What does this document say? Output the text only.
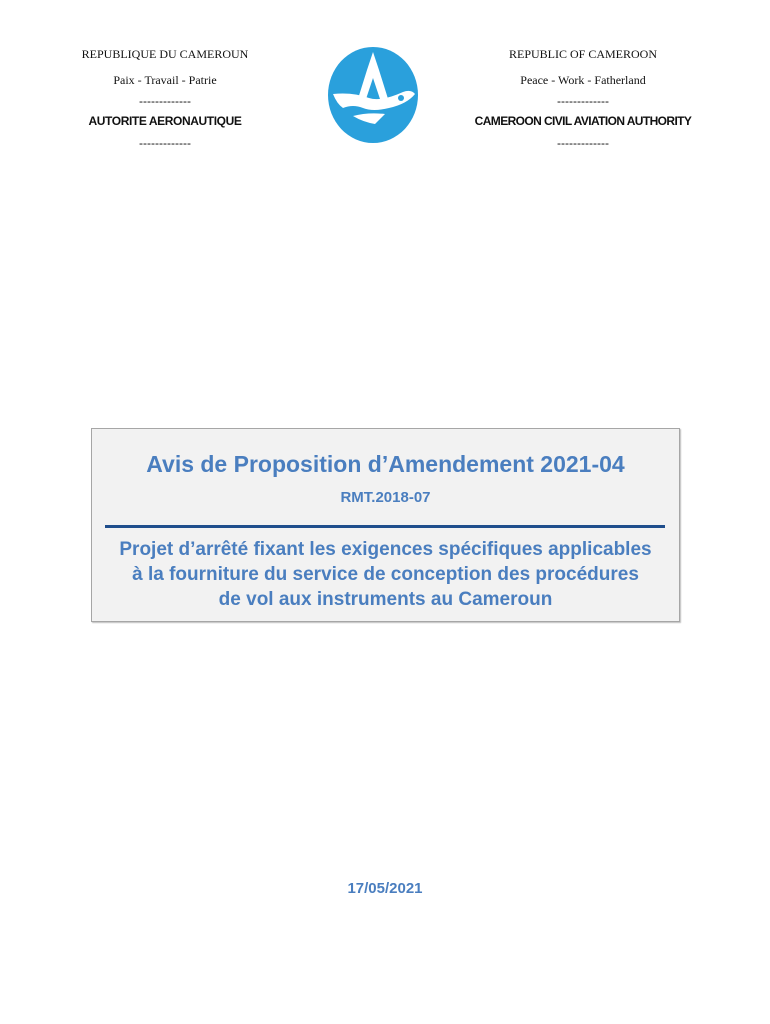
REPUBLIQUE DU CAMEROUN
Paix - Travail - Patrie
-------------
AUTORITE AERONAUTIQUE
-------------
REPUBLIC OF CAMEROON
Peace - Work - Fatherland
-------------
CAMEROON CIVIL AVIATION AUTHORITY
-------------
Avis de Proposition d’Amendement 2021-04
RMT.2018-07
Projet d’arrêté fixant les exigences spécifiques applicables
à la fourniture du service de conception des procédures
de vol aux instruments au Cameroun
17/05/2021
